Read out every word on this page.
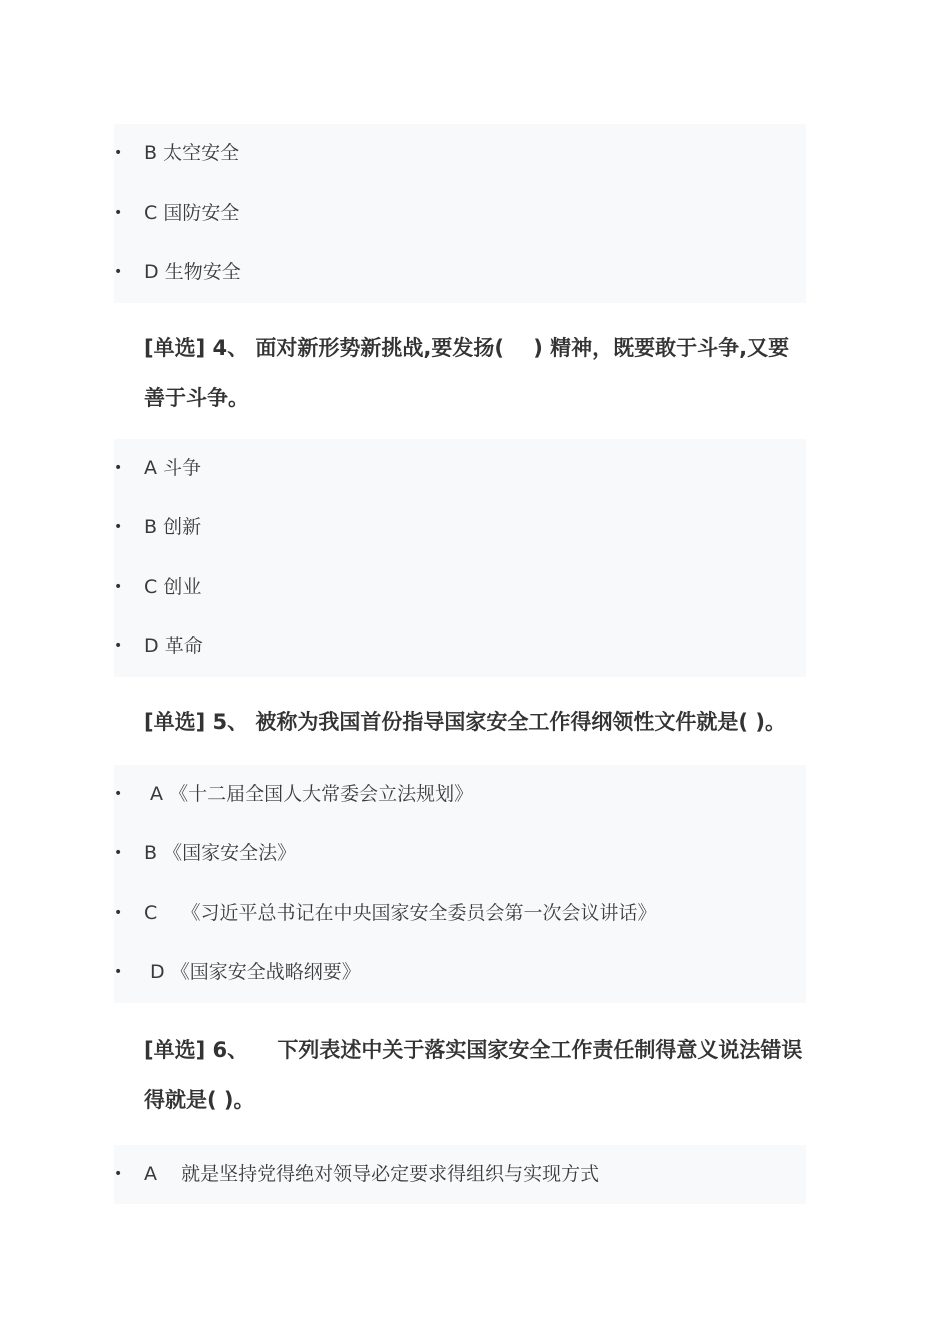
• B 太空安全
• C 国防安全
• D 生物安全
[单选] 4、 面对新形势新挑战,要发扬(    ) 精神，既要敢于斗争,又要善于斗争。
• A 斗争
• B 创新
• C 创业
• D 革命
[单选] 5、 被称为我国首份指导国家安全工作得纲领性文件就是( )。
• A 《十二届全国人大常委会立法规划》
• B 《国家安全法》
• C 《习近平总书记在中央国家安全委员会第一次会议讲话》
• D 《国家安全战略纲要》
[单选] 6、    下列表述中关于落实国家安全工作责任制得意义说法错误得就是( )。
• A 就是坚持党得绝对领导必定要求得组织与实现方式
